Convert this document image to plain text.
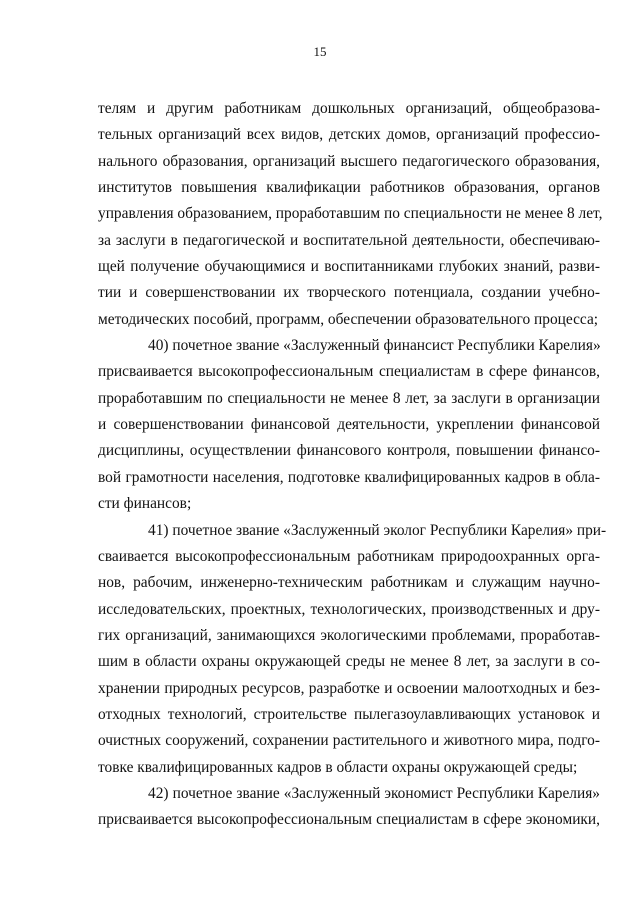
15
телям и другим работникам дошкольных организаций, общеобразова-
тельных организаций всех видов, детских домов, организаций профессио-
нального образования, организаций высшего педагогического образования,
институтов повышения квалификации работников образования, органов
управления образованием, проработавшим по специальности не менее 8 лет,
за заслуги в педагогической и воспитательной деятельности, обеспечиваю-
щей получение обучающимися и воспитанниками глубоких знаний, разви-
тии и совершенствовании их творческого потенциала, создании учебно-
методических пособий, программ, обеспечении образовательного процесса;
40) почетное звание «Заслуженный финансист Республики Карелия»
присваивается высокопрофессиональным специалистам в сфере финансов,
проработавшим по специальности не менее 8 лет, за заслуги в организации
и совершенствовании финансовой деятельности, укреплении финансовой
дисциплины, осуществлении финансового контроля, повышении финансо-
вой грамотности населения, подготовке квалифицированных кадров в обла-
сти финансов;
41) почетное звание «Заслуженный эколог Республики Карелия» при-
сваивается высокопрофессиональным работникам природоохранных орга-
нов, рабочим, инженерно-техническим работникам и служащим научно-
исследовательских, проектных, технологических, производственных и дру-
гих организаций, занимающихся экологическими проблемами, проработав-
шим в области охраны окружающей среды не менее 8 лет, за заслуги в со-
хранении природных ресурсов, разработке и освоении малоотходных и без-
отходных технологий, строительстве пылегазоулавливающих установок и
очистных сооружений, сохранении растительного и животного мира, подго-
товке квалифицированных кадров в области охраны окружающей среды;
42) почетное звание «Заслуженный экономист Республики Карелия»
присваивается высокопрофессиональным специалистам в сфере экономики,
